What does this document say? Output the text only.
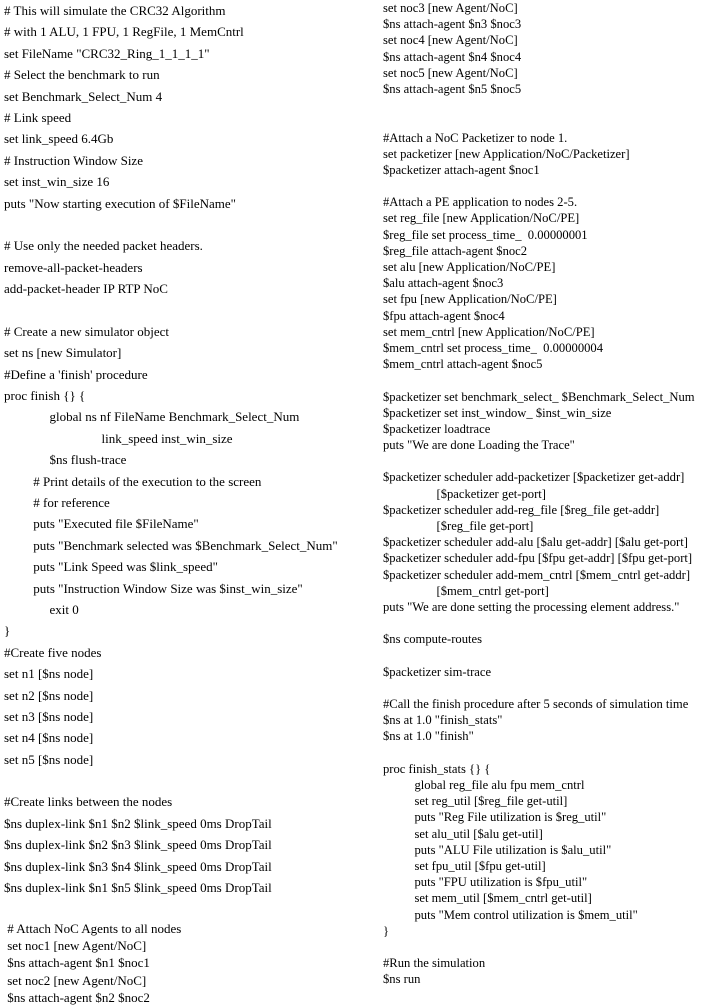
# This will simulate the CRC32 Algorithm
# with 1 ALU, 1 FPU, 1 RegFile, 1 MemCntrl
set FileName "CRC32_Ring_1_1_1_1"
# Select the benchmark to run
set Benchmark_Select_Num 4
# Link speed
set link_speed 6.4Gb
# Instruction Window Size
set inst_win_size 16
puts "Now starting execution of $FileName"
# Use only the needed packet headers.
remove-all-packet-headers
add-packet-header IP RTP NoC
# Create a new simulator object
set ns [new Simulator]
#Define a 'finish' procedure
proc finish {} {
global ns nf FileName Benchmark_Select_Num
link_speed inst_win_size
$ns flush-trace
# Print details of the execution to the screen
# for reference
puts "Executed file $FileName"
puts "Benchmark selected was $Benchmark_Select_Num"
puts "Link Speed was $link_speed"
puts "Instruction Window Size was $inst_win_size"
exit 0
}
#Create five nodes
set n1 [$ns node]
set n2 [$ns node]
set n3 [$ns node]
set n4 [$ns node]
set n5 [$ns node]
#Create links between the nodes
$ns duplex-link $n1 $n2 $link_speed 0ms DropTail
$ns duplex-link $n2 $n3 $link_speed 0ms DropTail
$ns duplex-link $n3 $n4 $link_speed 0ms DropTail
$ns duplex-link $n1 $n5 $link_speed 0ms DropTail
# Attach NoC Agents to all nodes
set noc1 [new Agent/NoC]
$ns attach-agent $n1 $noc1
set noc2 [new Agent/NoC]
$ns attach-agent $n2 $noc2
set noc3 [new Agent/NoC]
$ns attach-agent $n3 $noc3
set noc4 [new Agent/NoC]
$ns attach-agent $n4 $noc4
set noc5 [new Agent/NoC]
$ns attach-agent $n5 $noc5
#Attach a NoC Packetizer to node 1.
set packetizer [new Application/NoC/Packetizer]
$packetizer attach-agent $noc1
#Attach a PE application to nodes 2-5.
set reg_file [new Application/NoC/PE]
$reg_file set process_time_  0.00000001
$reg_file attach-agent $noc2
set alu [new Application/NoC/PE]
$alu attach-agent $noc3
set fpu [new Application/NoC/PE]
$fpu attach-agent $noc4
set mem_cntrl [new Application/NoC/PE]
$mem_cntrl set process_time_  0.00000004
$mem_cntrl attach-agent $noc5
$packetizer set benchmark_select_ $Benchmark_Select_Num
$packetizer set inst_window_ $inst_win_size
$packetizer loadtrace
puts "We are done Loading the Trace"
$packetizer scheduler add-packetizer [$packetizer get-addr]
[$packetizer get-port]
$packetizer scheduler add-reg_file [$reg_file get-addr]
[$reg_file get-port]
$packetizer scheduler add-alu [$alu get-addr] [$alu get-port]
$packetizer scheduler add-fpu [$fpu get-addr] [$fpu get-port]
$packetizer scheduler add-mem_cntrl [$mem_cntrl get-addr]
[$mem_cntrl get-port]
puts "We are done setting the processing element address."
$ns compute-routes
$packetizer sim-trace
#Call the finish procedure after 5 seconds of simulation time
$ns at 1.0 "finish_stats"
$ns at 1.0 "finish"
proc finish_stats {} {
global reg_file alu fpu mem_cntrl
set reg_util [$reg_file get-util]
puts "Reg File utilization is $reg_util"
set alu_util [$alu get-util]
puts "ALU File utilization is $alu_util"
set fpu_util [$fpu get-util]
puts "FPU utilization is $fpu_util"
set mem_util [$mem_cntrl get-util]
puts "Mem control utilization is $mem_util"
}
#Run the simulation
$ns run
